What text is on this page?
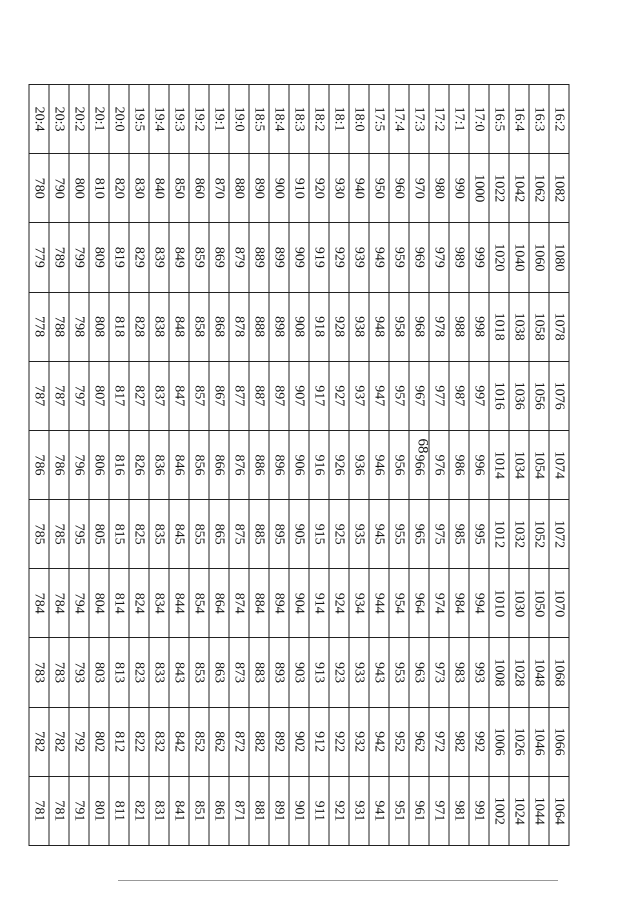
68
16:2	1082	1080	1078	1076	1074	1072	1070	1068	1066	1064
16:3	1062	1060	1058	1056	1054	1052	1050	1048	1046	1044
16:4	1042	1040	1038	1036	1034	1032	1030	1028	1026	1024
16:5	1022	1020	1018	1016	1014	1012	1010	1008	1006	1002
17:0	1000	999	998	997	996	995	994	993	992	991
17:1	990	989	988	987	986	985	984	983	982	981
17:2	980	979	978	977	976	975	974	973	972	971
17:3	970	969	968	967	966	965	964	963	962	961
17:4	960	959	958	957	956	955	954	953	952	951
17:5	950	949	948	947	946	945	944	943	942	941
18:0	940	939	938	937	936	935	934	933	932	931
18:1	930	929	928	927	926	925	924	923	922	921
18:2	920	919	918	917	916	915	914	913	912	911
18:3	910	909	908	907	906	905	904	903	902	901
18:4	900	899	898	897	896	895	894	893	892	891
18:5	890	889	888	887	886	885	884	883	882	881
19:0	880	879	878	877	876	875	874	873	872	871
19:1	870	869	868	867	866	865	864	863	862	861
19:2	860	859	858	857	856	855	854	853	852	851
19:3	850	849	848	847	846	845	844	843	842	841
19:4	840	839	838	837	836	835	834	833	832	831
19:5	830	829	828	827	826	825	824	823	822	821
20:0	820	819	818	817	816	815	814	813	812	811
20:1	810	809	808	807	806	805	804	803	802	801
20:2	800	799	798	797	796	795	794	793	792	791
20:3	790	789	788	787	786	785	784	783	782	781
20:4	780	779	778	787	786	785	784	783	782	781
